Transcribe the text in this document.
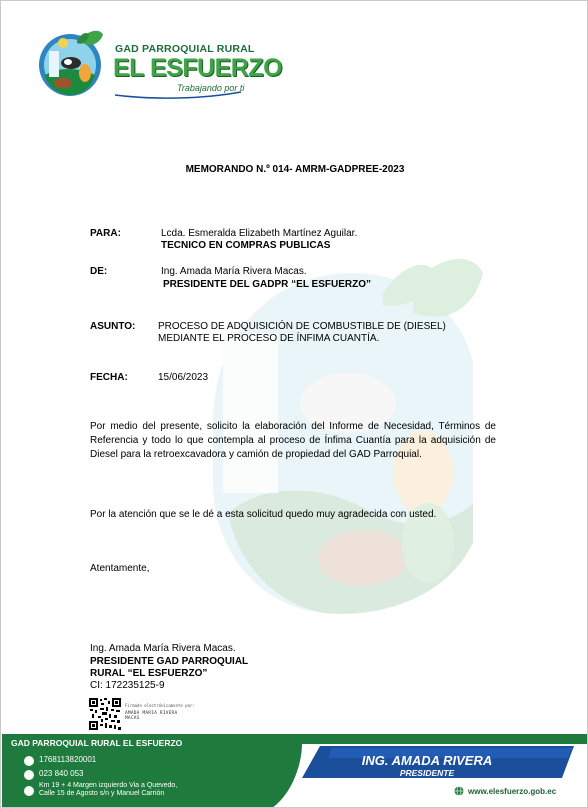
GAD PARROQUIAL RURAL
EL ESFUERZO
Trabajando por ti
MEMORANDO N.º 014- AMRM-GADPREE-2023
PARA:	Lcda. Esmeralda Elizabeth Martínez Aguilar.
TECNICO EN COMPRAS PUBLICAS
DE:	Ing. Amada María Rivera Macas.
PRESIDENTE DEL GADPR “EL ESFUERZO”
ASUNTO: PROCESO DE ADQUISICIÓN DE COMBUSTIBLE DE (DIESEL)
MEDIANTE EL PROCESO DE ÍNFIMA CUANTÍA.
FECHA:	15/06/2023
Por medio del presente, solicito la elaboración del Informe de Necesidad, Términos de Referencia y todo lo que contempla al proceso de Ínfima Cuantía para la adquisición de Diesel para la retroexcavadora y camión de propiedad del GAD Parroquial.
Por la atención que se le dé a esta solicitud quedo muy agradecida con usted.
Atentamente,
Ing. Amada María Rivera Macas.
PRESIDENTE GAD PARROQUIAL
RURAL “EL ESFUERZO”
CI: 172235125-9
Firmado electrónicamente por:
AMADA MARIA RIVERA
MACAS
GAD PARROQUIAL RURAL EL ESFUERZO
1768113820001
023 840 053
Km 19 + 4 Margen izquierdo Via a Quevedo,
Calle 15 de Agosto s/n y Manuel Carrión
ING. AMADA RIVERA
PRESIDENTE
www.elesfuerzo.gob.ec
